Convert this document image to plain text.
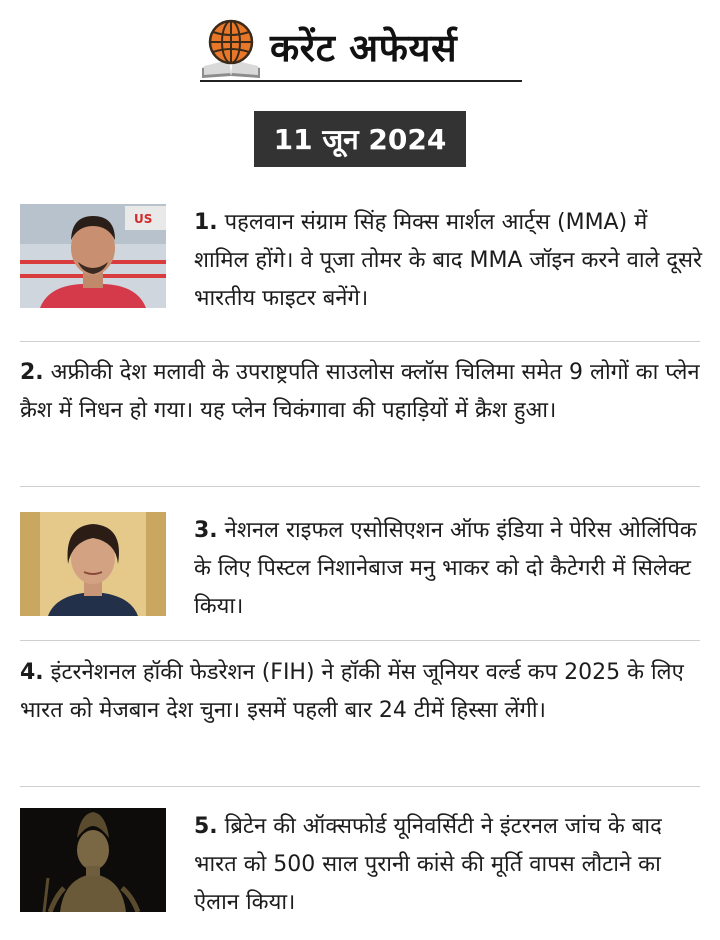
करेंट अफेयर्स
11 जून 2024
US 1. पहलवान संग्राम सिंह मिक्स मार्शल आर्ट्स (MMA) में शामिल होंगे। वे पूजा तोमर के बाद MMA जॉइन करने वाले दूसरे भारतीय फाइटर बनेंगे।
2. अफ्रीकी देश मलावी के उपराष्ट्रपति साउलोस क्लॉस चिलिमा समेत 9 लोगों का प्लेन क्रैश में निधन हो गया। यह प्लेन चिकंगावा की पहाड़ियों में क्रैश हुआ।
3. नेशनल राइफल एसोसिएशन ऑफ इंडिया ने पेरिस ओलिंपिक के लिए पिस्टल निशानेबाज मनु भाकर को दो कैटेगरी में सिलेक्ट किया।
4. इंटरनेशनल हॉकी फेडरेशन (FIH) ने हॉकी मेंस जूनियर वर्ल्ड कप 2025 के लिए भारत को मेजबान देश चुना। इसमें पहली बार 24 टीमें हिस्सा लेंगी।
5. ब्रिटेन की ऑक्सफोर्ड यूनिवर्सिटी ने इंटरनल जांच के बाद भारत को 500 साल पुरानी कांसे की मूर्ति वापस लौटाने का ऐलान किया।
